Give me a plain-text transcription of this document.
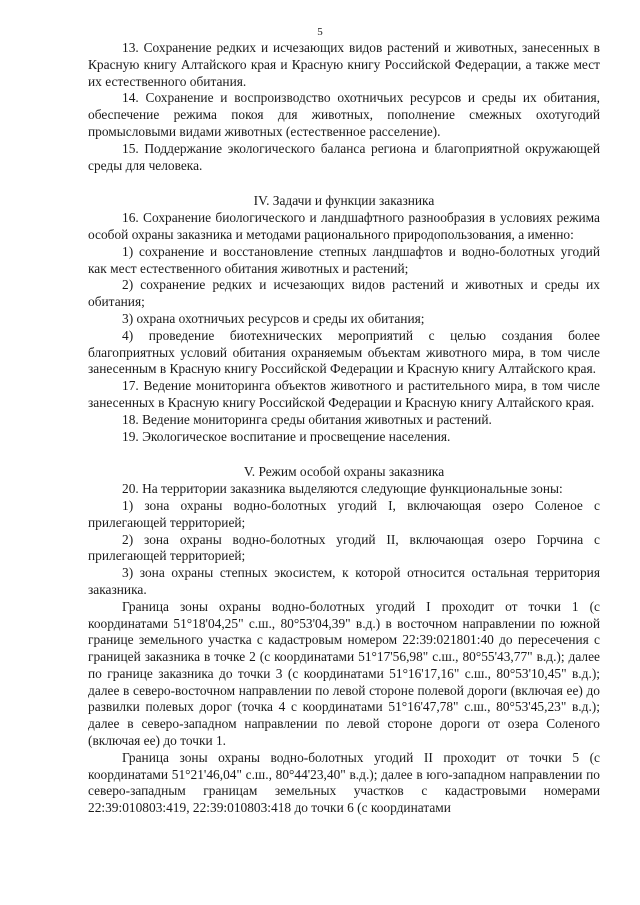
5

13. Сохранение редких и исчезающих видов растений и животных, занесенных в Красную книгу Алтайского края и Красную книгу Российской Федерации, а также мест их естественного обитания.

14. Сохранение и воспроизводство охотничьих ресурсов и среды их обитания, обеспечение режима покоя для животных, пополнение смежных охотугодий промысловыми видами животных (естественное расселение).

15. Поддержание экологического баланса региона и благоприятной окружающей среды для человека.

IV. Задачи и функции заказника

16. Сохранение биологического и ландшафтного разнообразия в условиях режима особой охраны заказника и методами рационального природопользования, а именно:

1) сохранение и восстановление степных ландшафтов и водно-болотных угодий как мест естественного обитания животных и растений;

2) сохранение редких и исчезающих видов растений и животных и среды их обитания;

3) охрана охотничьих ресурсов и среды их обитания;

4) проведение биотехнических мероприятий с целью создания более благоприятных условий обитания охраняемым объектам животного мира, в том числе занесенным в Красную книгу Российской Федерации и Красную книгу Алтайского края.

17. Ведение мониторинга объектов животного и растительного мира, в том числе занесенных в Красную книгу Российской Федерации и Красную книгу Алтайского края.

18. Ведение мониторинга среды обитания животных и растений.

19. Экологическое воспитание и просвещение населения.

V. Режим особой охраны заказника

20. На территории заказника выделяются следующие функциональные зоны:

1) зона охраны водно-болотных угодий I, включающая озеро Соленое с прилегающей территорией;

2) зона охраны водно-болотных угодий II, включающая озеро Горчина с прилегающей территорией;

3) зона охраны степных экосистем, к которой относится остальная территория заказника.

Граница зоны охраны водно-болотных угодий I проходит от точки 1 (с координатами 51°18'04,25" с.ш., 80°53'04,39" в.д.) в восточном направлении по южной границе земельного участка с кадастровым номером 22:39:021801:40 до пересечения с границей заказника в точке 2 (с координатами 51°17'56,98" с.ш., 80°55'43,77" в.д.); далее по границе заказника до точки 3 (с координатами 51°16'17,16" с.ш., 80°53'10,45" в.д.); далее в северо-восточном направлении по левой стороне полевой дороги (включая ее) до развилки полевых дорог (точка 4 с координатами 51°16'47,78" с.ш., 80°53'45,23" в.д.); далее в северо-западном направлении по левой стороне дороги от озера Соленого (включая ее) до точки 1.

Граница зоны охраны водно-болотных угодий II проходит от точки 5 (с координатами 51°21'46,04" с.ш., 80°44'23,40" в.д.); далее в юго-западном направлении по северо-западным границам земельных участков с кадастровыми номерами 22:39:010803:419, 22:39:010803:418 до точки 6 (с координатами
